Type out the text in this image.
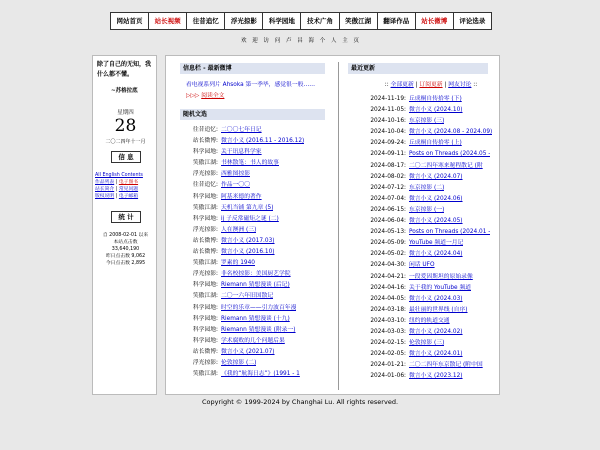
网站首页	站长视频	往昔追忆	浮光掠影	科学园地	技术广角	笑傲江湖	翻译作品	站长微博	评论选录
欢 迎 访 问 卢 昌 海 个 人 主 页
除了自己的无知，我什么都不懂。
~苏格拉底
星期四
28
二〇二四年十一月
信 息
All English Contents
作品列表 | 电子图书
站长简介 | 常见问题
版权说明 | 电子邮箱
统 计
自 2008-02-01 以来
本站点击数
33,640,190
昨日点击数 9,062
今日点击数 2,895
信息栏 - 最新微博
看电视系列片 Ahsoka 第一季毕，感觉很一般…… ▷▷▷ 阅读全文
随机文选
往昔追忆: 二〇〇七年日记
站长微博: 微言小义 (2016.11 - 2016.12)
科学园地: 关于讯息科学家
笑傲江湖: 书林散笔：书人的故事
浮光掠影: 西雅图掠影
往昔追忆: 作品一〇〇
科学园地: 阿基米德的著作
笑傲江湖: 天机当铺 第九章 (5)
科学园地: ij 子反常磁矩之谜 (二)
浮光掠影: 人在澳洲 (三)
站长微博: 微言小义 (2017.03)
站长微博: 微言小义 (2016.10)
笑傲江湖: 罗素的 1940
浮光掠影: 非名校掠影：美国厨艺学院
科学园地: Riemann 猜想漫谈 (后记)
笑傲江湖: 二〇一六年旧国散记
科学园地: 时空的乐章——引力波百年漫
科学园地: Riemann 猜想漫谈 (十九)
科学园地: Riemann 猜想漫谈 (附录一)
科学园地: 学术腐败的几个问题后果
站长微博: 微言小义 (2021.07)
浮光掠影: 伦敦掠影 (二)
笑傲江湖: 《我的“航海日志”》(1991 - 1
最近更新
:: 全部更新 | 订阅更新 | 网友讨论 ::
2024-11-19: 丘成桐自传拾零 (下)
2024-11-05: 微言小义 (2024.10)
2024-10-16: 东京掠影 (三)
2024-10-04: 微言小义 (2024.08 - 2024.09)
2024-09-24: 丘成桐自传拾零 (上)
2024-09-11: Posts on Threads (2024.05 -
2024-08-17: 二〇二四年寒来秘程散记 (附
2024-08-02: 微言小义 (2024.07)
2024-07-12: 东京掠影 (二)
2024-07-04: 微言小义 (2024.06)
2024-06-15: 东京掠影 (一)
2024-06-04: 微言小义 (2024.05)
2024-05-13: Posts on Threads (2024.01 -
2024-05-09: YouTube 频道一月记
2024-05-02: 微言小义 (2024.04)
2024-04-30: 闲话 UFO
2024-04-21: 一段爱因斯坦的原始录像
2024-04-16: 关于我的 YouTube 频道
2024-04-05: 微言小义 (2024.03)
2024-03-18: 最壮丽的世界线 (自序)
2024-03-10: 纽约的轨道交通
2024-03-03: 微言小义 (2024.02)
2024-02-15: 伦敦掠影 (三)
2024-02-05: 微言小义 (2024.01)
2024-01-21: 二〇二四年东京散记 (附中国
2024-01-06: 微言小义 (2023.12)
Copyright © 1999-2024 by Changhai Lu. All rights reserved.
